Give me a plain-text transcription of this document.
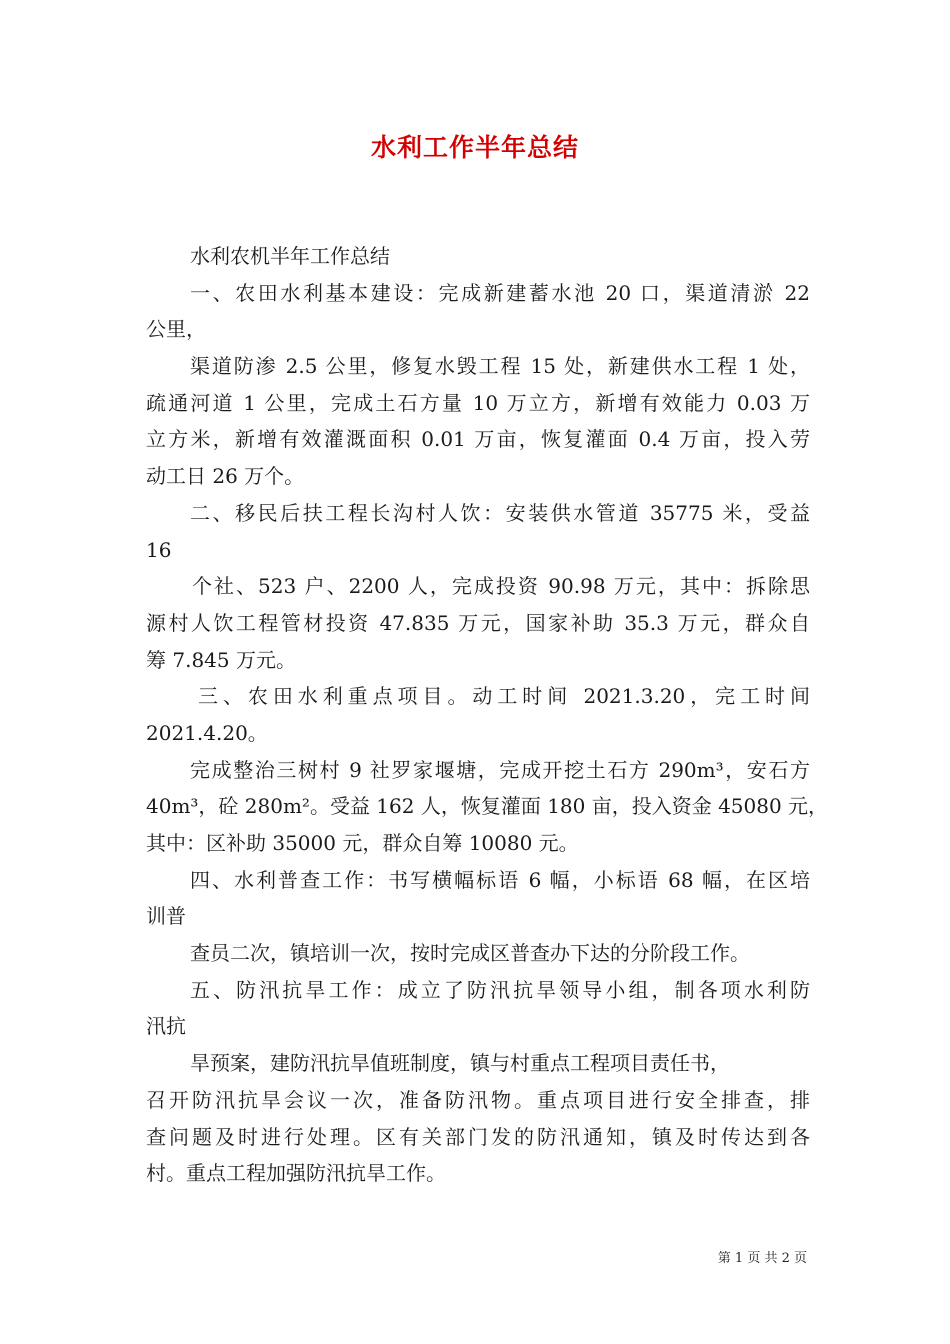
水利工作半年总结
水利农机半年工作总结
一、农田水利基本建设：完成新建蓄水池 20 口，渠道清淤 22
公里，
渠道防渗 2.5 公里，修复水毁工程 15 处，新建供水工程 1 处，
疏通河道 1 公里，完成土石方量 10 万立方，新增有效能力 0.03 万
立方米，新增有效灌溉面积 0.01 万亩，恢复灌面 0.4 万亩，投入劳
动工日 26 万个。
二、移民后扶工程长沟村人饮：安装供水管道 35775 米，受益
16
个社、523 户、2200 人，完成投资 90.98 万元，其中：拆除思
源村人饮工程管材投资 47.835 万元，国家补助 35.3 万元，群众自
筹 7.845 万元。
三、农田水利重点项目。动工时间 2021.3.20，完工时间
2021.4.20。
完成整治三树村 9 社罗家堰塘，完成开挖土石方 290m³，安石方
40m³，砼 280m²。受益 162 人，恢复灌面 180 亩，投入资金 45080 元，
其中：区补助 35000 元，群众自筹 10080 元。
四、水利普查工作：书写横幅标语 6 幅，小标语 68 幅，在区培
训普
查员二次，镇培训一次，按时完成区普查办下达的分阶段工作。
五、防汛抗旱工作：成立了防汛抗旱领导小组，制各项水利防
汛抗
旱预案，建防汛抗旱值班制度，镇与村重点工程项目责任书，
召开防汛抗旱会议一次，准备防汛物。重点项目进行安全排查，排
查问题及时进行处理。区有关部门发的防汛通知，镇及时传达到各
村。重点工程加强防汛抗旱工作。
第 1 页 共 2 页
